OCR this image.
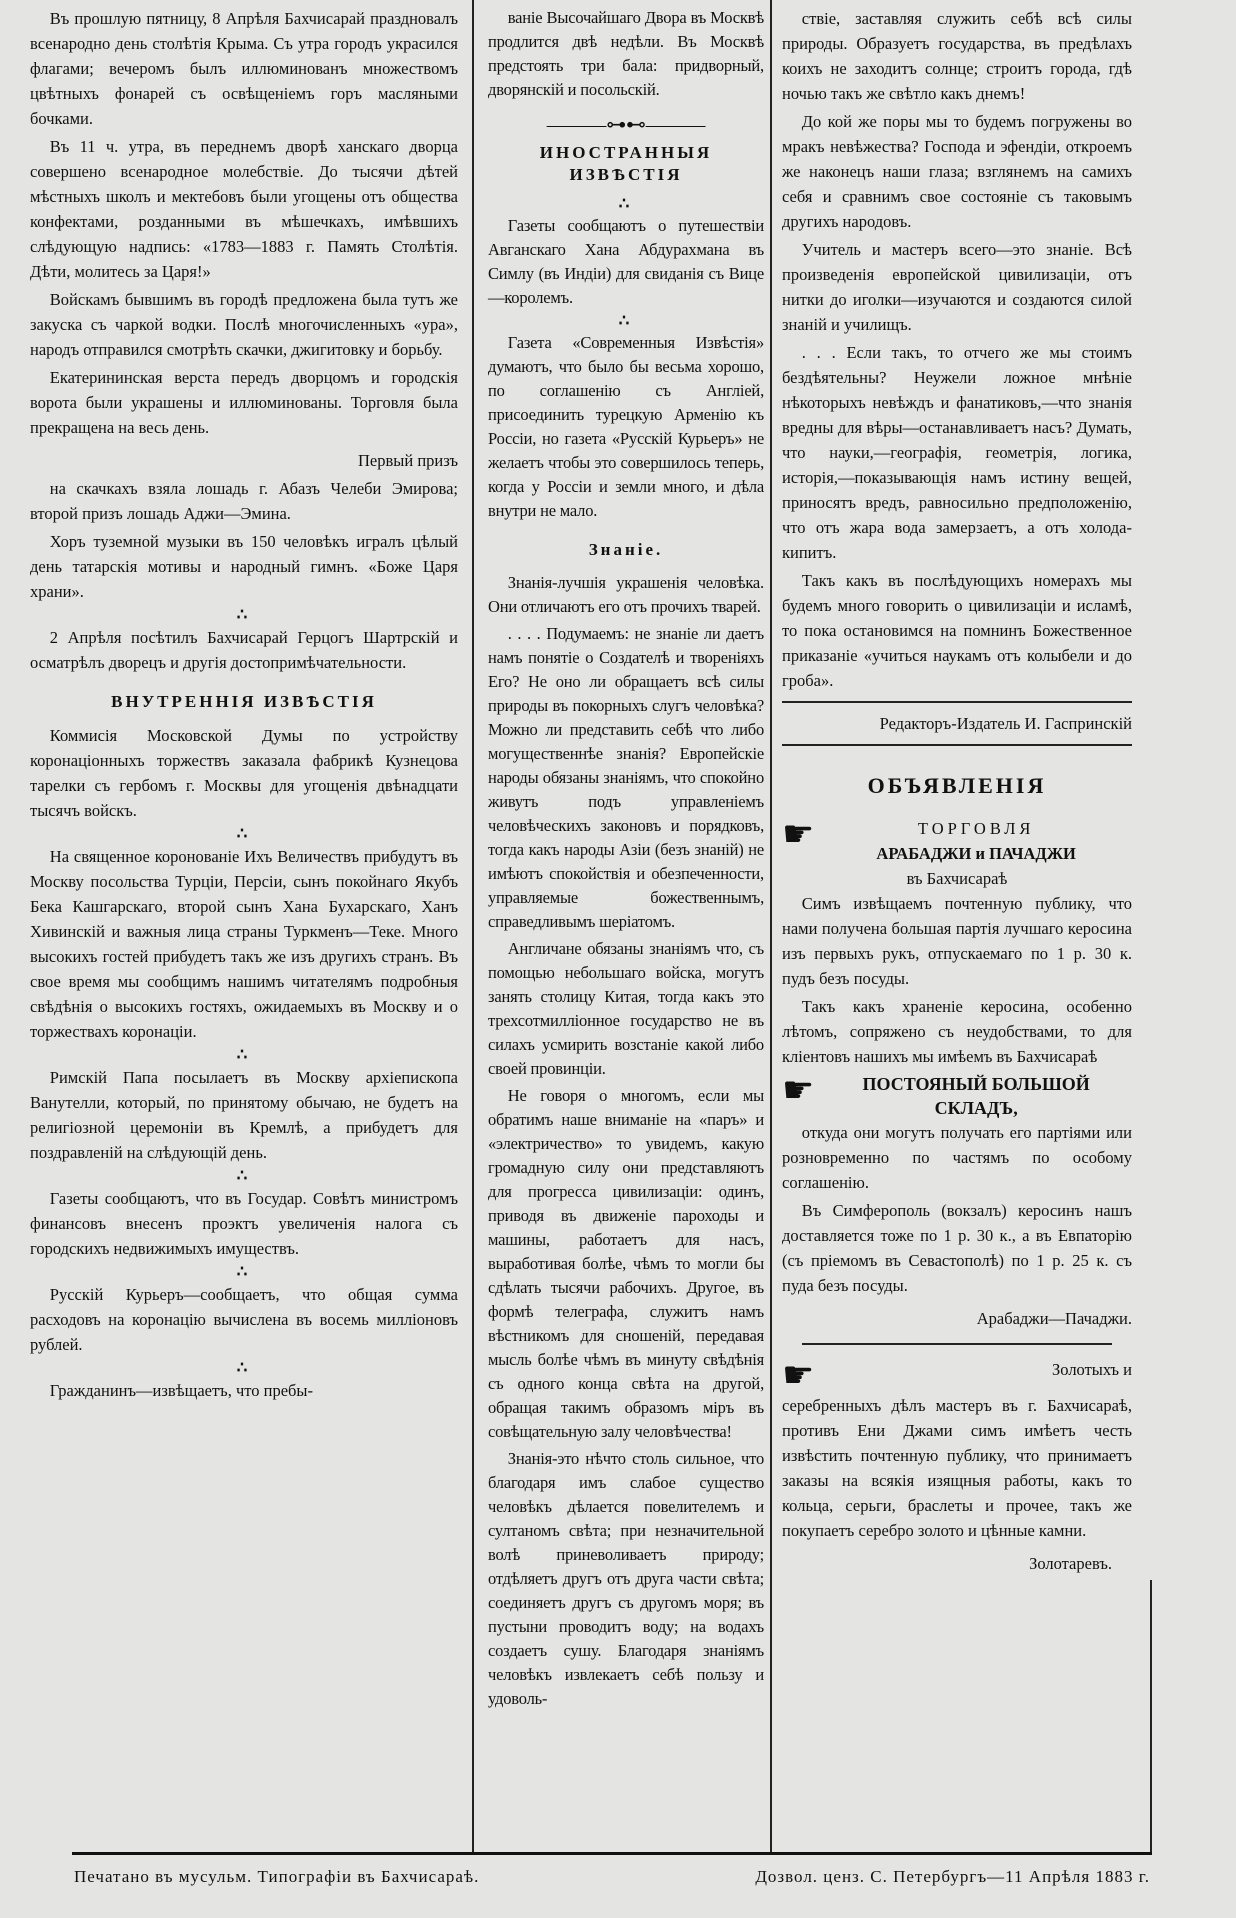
Въ прошлую пятницу, 8 Апрѣля Бахчисарай праздновалъ всенародно день столѣтія Крыма. Съ утра городъ украсился флагами; вечеромъ былъ иллюминованъ множествомъ цвѣтныхъ фонарей съ освѣщеніемъ горъ масляными бочками.

Въ 11 ч. утра, въ переднемъ дворѣ ханскаго дворца совершено всенародное молебствіе. До тысячи дѣтей мѣстныхъ школъ и мектебовъ были угощены отъ общества конфектами, розданными въ мѣшечкахъ, имѣвшихъ слѣдующую надпись: «1783—1883 г. Память Столѣтія. Дѣти, молитесь за Царя!»

Войскамъ бывшимъ въ городѣ предложена была тутъ же закуска съ чаркой водки. Послѣ многочисленныхъ «ура», народъ отправился смотрѣть скачки, джигитовку и борьбу.

Екатерининская верста передъ дворцомъ и городскія ворота были украшены и иллюминованы. Торговля была прекращена на весь день.

Первый призъ

на скачкахъ взяла лошадь г. Абазъ Челеби Эмирова; второй призъ лошадь Аджи—Эмина.

Хоръ туземной музыки въ 150 человѣкъ игралъ цѣлый день татарскія мотивы и народный гимнъ. «Боже Царя храни».

∴

2 Апрѣля посѣтилъ Бахчисарай Герцогъ Шартрскій и осматрѣлъ дворецъ и другія достопримѣчательности.

ВНУТРЕННІЯ ИЗВѢСТІЯ

Коммисія Московской Думы по устройству коронаціонныхъ торжествъ заказала фабрикѣ Кузнецова тарелки съ гербомъ г. Москвы для угощенія двѣнадцати тысячъ войскъ.

∴

На священное коронованіе Ихъ Величествъ прибудутъ въ Москву посольства Турціи, Персіи, сынъ покойнаго Якубъ Бека Кашгарскаго, второй сынъ Хана Бухарскаго, Ханъ Хивинскій и важныя лица страны Туркменъ—Теке. Много высокихъ гостей прибудетъ такъ же изъ другихъ странъ. Въ свое время мы сообщимъ нашимъ читателямъ подробныя свѣдѣнія о высокихъ гостяхъ, ожидаемыхъ въ Москву и о торжествахъ коронаціи.

∴

Римскій Папа посылаетъ въ Москву архіепископа Ванутелли, который, по принятому обычаю, не будетъ на религіозной церемоніи въ Кремлѣ, а прибудетъ для поздравленій на слѣдующій день.

∴

Газеты сообщаютъ, что въ Государ. Совѣтъ министромъ финансовъ внесенъ проэктъ увеличенія налога съ городскихъ недвижимыхъ имуществъ.

∴

Русскій Курьеръ—сообщаетъ, что общая сумма расходовъ на коронацію вычислена въ восемь милліоновъ рублей.

∴

Гражданинъ—извѣщаетъ, что пребы-

ваніе Высочайшаго Двора въ Москвѣ продлится двѣ недѣли. Въ Москвѣ предстоять три бала: придворный, дворянскій и посольскій.

———⊶⊷———
ИНОСТРАННЫЯ ИЗВѢСТІЯ
∴

Газеты сообщаютъ о путешествіи Авганскаго Хана Абдурахмана въ Симлу (въ Индіи) для свиданія съ Вице—королемъ.

∴

Газета «Современныя Извѣстія» думаютъ, что было бы весьма хорошо, по соглашенію съ Англіей, присоединить турецкую Арменію къ Россіи, но газета «Русскій Курьеръ» не желаетъ чтобы это совершилось теперь, когда у Россіи и земли много, и дѣла внутри не мало.

Знаніе.

Знанія-лучшія украшенія человѣка. Они отличаютъ его отъ прочихъ тварей.

. . . . Подумаемъ: не знаніе ли даетъ намъ понятіе о Создателѣ и твореніяхъ Его? Не оно ли обращаетъ всѣ силы природы въ покорныхъ слугъ человѣка? Можно ли представить себѣ что либо могущественнѣе знанія? Европейскіе народы обязаны знаніямъ, что спокойно живутъ подъ управленіемъ человѣческихъ законовъ и порядковъ, тогда какъ народы Азіи (безъ знаній) не имѣютъ спокойствія и обезпеченности, управляемые божественнымъ, справедливымъ шеріатомъ.

Англичане обязаны знаніямъ что, съ помощью небольшаго войска, могутъ занять столицу Китая, тогда какъ это трехсотмилліонное государство не въ силахъ усмирить возстаніе какой либо своей провинціи.

Не говоря о многомъ, если мы обратимъ наше вниманіе на «паръ» и «электричество» то увидемъ, какую громадную силу они представляютъ для прогресса цивилизаціи: одинъ, приводя въ движеніе пароходы и машины, работаетъ для насъ, выработивая болѣе, чѣмъ то могли бы сдѣлать тысячи рабочихъ. Другое, въ формѣ телеграфа, служитъ намъ вѣстникомъ для сношеній, передавая мысль болѣе чѣмъ въ минуту свѣдѣнія съ одного конца свѣта на другой, обращая такимъ образомъ міръ въ совѣщательную залу человѣчества!

Знанія-это нѣчто столь сильное, что благодаря имъ слабое существо человѣкъ дѣлается повелителемъ и султаномъ свѣта; при незначительной волѣ приневоливаетъ природу; отдѣляетъ другъ отъ друга части свѣта; соединяетъ другъ съ другомъ моря; въ пустыни проводитъ воду; на водахъ создаетъ сушу. Благодаря знаніямъ человѣкъ извлекаетъ себѣ пользу и удоволь-

ствіе, заставляя служить себѣ всѣ силы природы. Образуетъ государства, въ предѣлахъ коихъ не заходитъ солнце; строитъ города, гдѣ ночью такъ же свѣтло какъ днемъ!

До кой же поры мы то будемъ погружены во мракъ невѣжества? Господа и эфендіи, откроемъ же наконецъ наши глаза; взглянемъ на самихъ себя и сравнимъ свое состояніе съ таковымъ другихъ народовъ.

Учитель и мастеръ всего—это знаніе. Всѣ произведенія европейской цивилизаціи, отъ нитки до иголки—изучаются и создаются силой знаній и училищъ.

. . . Если такъ, то отчего же мы стоимъ бездѣятельны? Неужели ложное мнѣніе нѣкоторыхъ невѣждъ и фанатиковъ,—что знанія вредны для вѣры—останавливаетъ насъ? Думать, что науки,—географія, геометрія, логика, исторія,—показывающія намъ истину вещей, приносятъ вредъ, равносильно предположенію, что отъ жара вода замерзаетъ, а отъ холода-кипитъ.

Такъ какъ въ послѣдующихъ номерахъ мы будемъ много говорить о цивилизаціи и исламѣ, то пока остановимся на помнинъ Божественное приказаніе «учиться наукамъ отъ колыбели и до гроба».

Редакторъ-Издатель И. Гаспринскій

ОБЪЯВЛЕНІЯ
☛	ТОРГОВЛЯ
АРАБАДЖИ и ПАЧАДЖИ
въ Бахчисараѣ

Симъ извѣщаемъ почтенную публику, что нами получена большая партія лучшаго керосина изъ первыхъ рукъ, отпускаемаго по 1 р. 30 к. пудъ безъ посуды.

Такъ какъ храненіе керосина, особенно лѣтомъ, сопряжено съ неудобствами, то для кліентовъ нашихъ мы имѣемъ въ Бахчисараѣ

☛	ПОСТОЯНЫЙ БОЛЬШОЙ СКЛАДЪ,

откуда они могутъ получать его партіями или розновременно по частямъ по особому соглашенію.

Въ Симферополь (вокзалъ) керосинъ нашъ доставляется тоже по 1 р. 30 к., а въ Евпаторію (съ пріемомъ въ Севастополѣ) по 1 р. 25 к. съ пуда безъ посуды.

Арабаджи—Пачаджи.
☛	Золотыхъ и

серебренныхъ дѣлъ мастеръ въ г. Бахчисараѣ, противъ Ени Джами симъ имѣетъ честь извѣстить почтенную публику, что принимаетъ заказы на всякія изящныя работы, какъ то кольца, серьги, браслеты и прочее, такъ же покупаетъ серебро золото и цѣнные камни.

Золотаревъ.
Печатано въ мусульм. Типографіи въ Бахчисараѣ.	Дозвол. ценз. С. Петербургъ—11 Апрѣля 1883 г.
